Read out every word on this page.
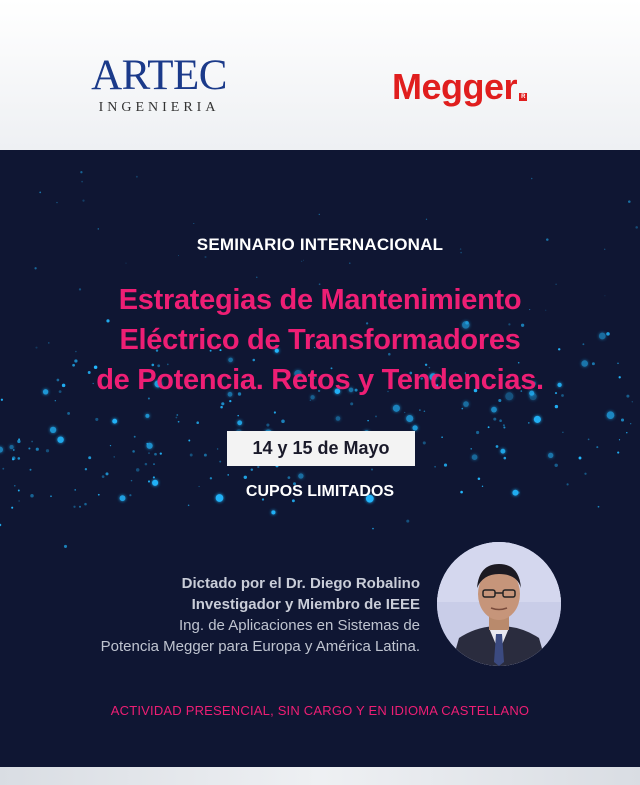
ARTEC
INGENIERIA
Megger R
SEMINARIO INTERNACIONAL
Estrategias de Mantenimiento
Eléctrico de Transformadores
de Potencia. Retos y Tendencias.
14 y 15 de Mayo
CUPOS LIMITADOS
Dictado por el Dr. Diego Robalino
Investigador y Miembro de IEEE
Ing. de Aplicaciones en Sistemas de
Potencia Megger para Europa y América Latina.
ACTIVIDAD PRESENCIAL, SIN CARGO Y EN IDIOMA CASTELLANO
